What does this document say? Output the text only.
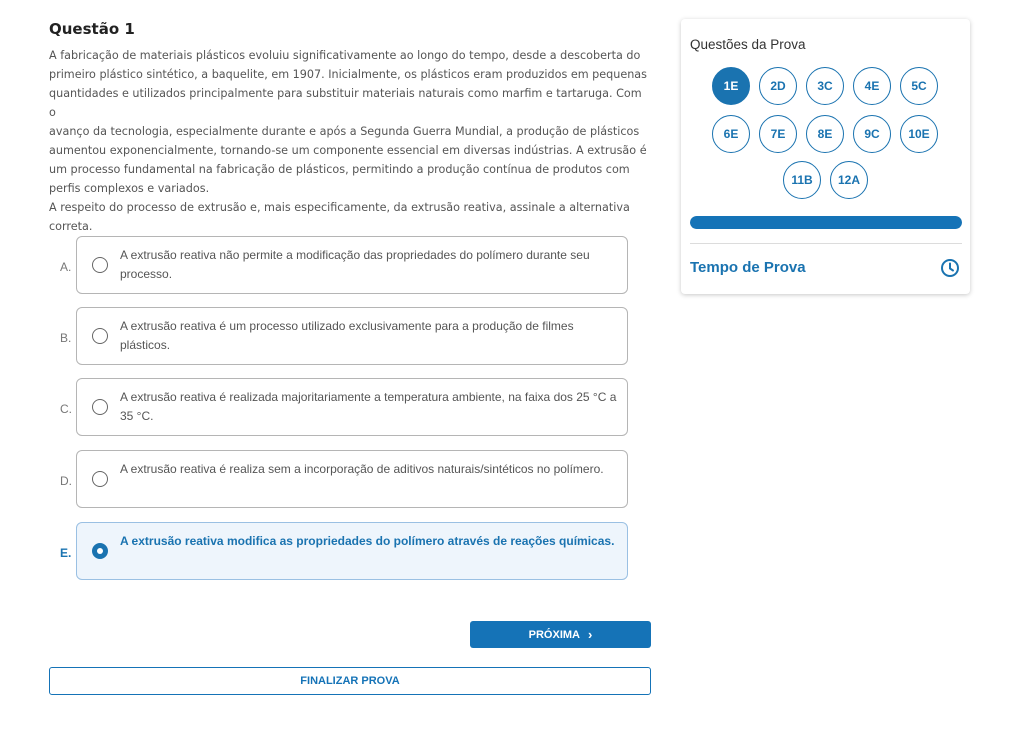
Questão 1
A fabricação de materiais plásticos evoluiu significativamente ao longo do tempo, desde a descoberta do
primeiro plástico sintético, a baquelite, em 1907. Inicialmente, os plásticos eram produzidos em pequenas
quantidades e utilizados principalmente para substituir materiais naturais como marfim e tartaruga. Com o
avanço da tecnologia, especialmente durante e após a Segunda Guerra Mundial, a produção de plásticos
aumentou exponencialmente, tornando-se um componente essencial em diversas indústrias. A extrusão é
um processo fundamental na fabricação de plásticos, permitindo a produção contínua de produtos com
perfis complexos e variados.
A respeito do processo de extrusão e, mais especificamente, da extrusão reativa, assinale a alternativa
correta.
A.
A extrusão reativa não permite a modificação das propriedades do polímero durante seu processo.
B.
A extrusão reativa é um processo utilizado exclusivamente para a produção de filmes plásticos.
C.
A extrusão reativa é realizada majoritariamente a temperatura ambiente, na faixa dos 25 °C a 35 °C.
D.
A extrusão reativa é realiza sem a incorporação de aditivos naturais/sintéticos no polímero.
E.
A extrusão reativa modifica as propriedades do polímero através de reações químicas.
PRÓXIMA ›
FINALIZAR PROVA
Questões da Prova
1E	2D	3C	4E	5C
6E	7E	8E	9C	10E
11B	12A
Tempo de Prova
